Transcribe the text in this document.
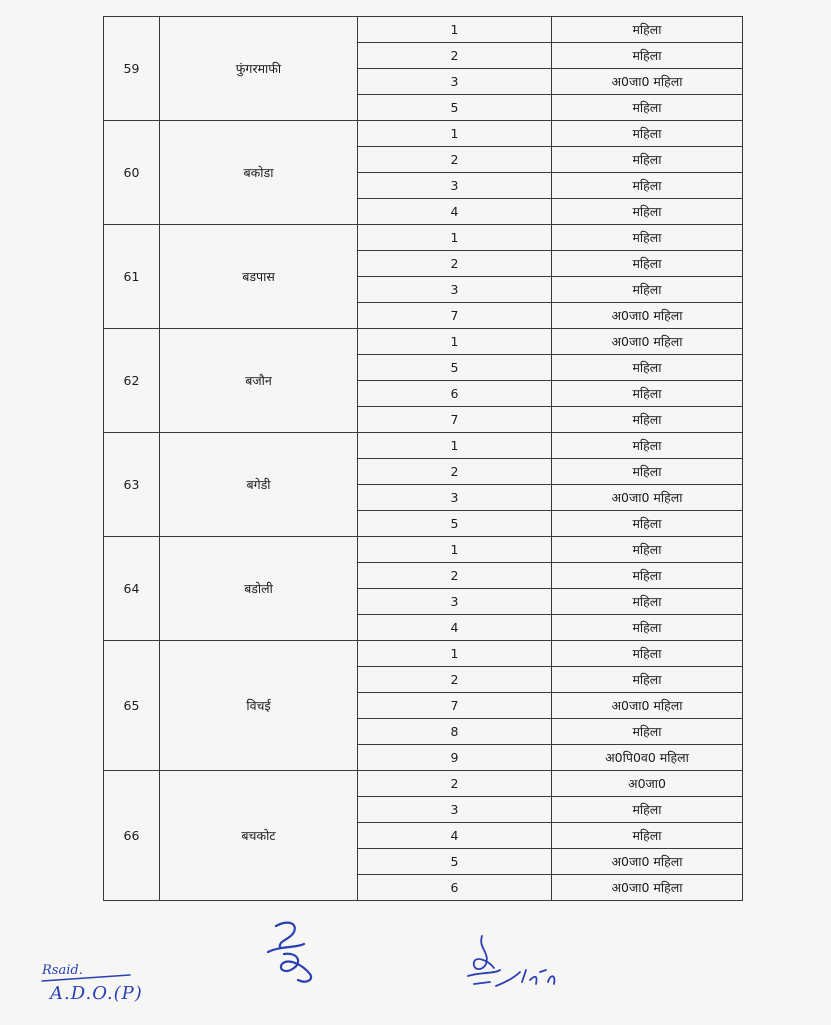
59	फुंगरमाफी	1	महिला
		2	महिला
		3	अ0जा0 महिला
		5	महिला
60	बकोडा	1	महिला
		2	महिला
		3	महिला
		4	महिला
61	बडपास	1	महिला
		2	महिला
		3	महिला
		7	अ0जा0 महिला
62	बजौन	1	अ0जा0 महिला
		5	महिला
		6	महिला
		7	महिला
63	बगेडी	1	महिला
		2	महिला
		3	अ0जा0 महिला
		5	महिला
64	बडोली	1	महिला
		2	महिला
		3	महिला
		4	महिला
65	विचई	1	महिला
		2	महिला
		7	अ0जा0 महिला
		8	महिला
		9	अ0पि0व0 महिला
66	बचकोट	2	अ0जा0
		3	महिला
		4	महिला
		5	अ0जा0 महिला
		6	अ0जा0 महिला
Rsaid.
A.D.O.(P)
